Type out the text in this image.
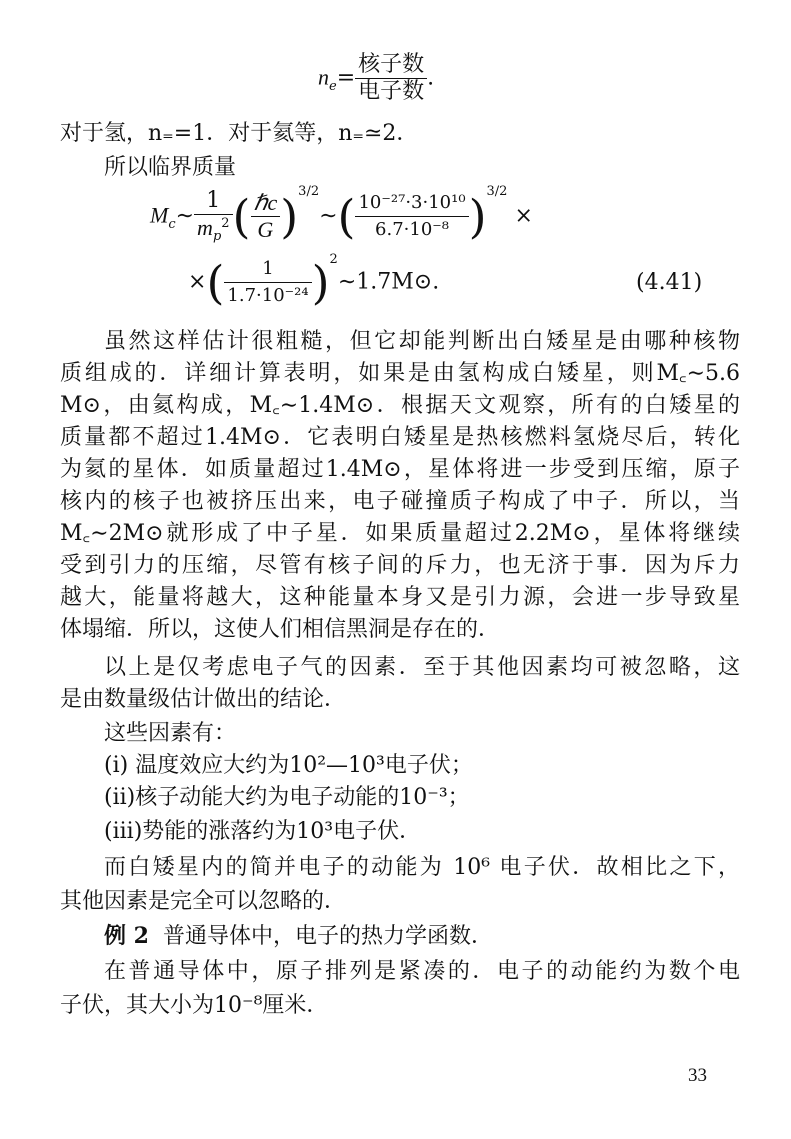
$n_e= \frac{\text{核子数}}{\text{电子数}}$ .
对于氢，n₌=1．对于氦等，n₌≃2．
所以临界质量
$M_c\sim \frac{1}{m_p^2}$ ( $\frac{\text{ℏc}}{G}$ )$^{3/2}$∼( $\frac{\text{10⁻²⁷·3·10¹⁰}}{\text{6.7·10⁻⁸}} )^{3/2}$ ×
×( $\frac{1}{\text{1.7·10⁻²⁴}}$ )$^2$∼1.7M⊙.	(4.41)
虽然这样估计很粗糙，但它却能判断出白矮星是由哪种核物
质组成的．详细计算表明，如果是由氢构成白矮星，则M꜀∼5.6
M⊙，由氦构成，M꜀∼1.4M⊙．根据天文观察，所有的白矮星的
质量都不超过1.4M⊙．它表明白矮星是热核燃料氢烧尽后，转化
为氦的星体．如质量超过1.4M⊙，星体将进一步受到压缩，原子
核内的核子也被挤压出来，电子碰撞质子构成了中子．所以，当
M꜀∼2M⊙就形成了中子星．如果质量超过2.2M⊙，星体将继续
受到引力的压缩，尽管有核子间的斥力，也无济于事．因为斥力
越大，能量将越大，这种能量本身又是引力源，会进一步导致星
体塌缩．所以，这使人们相信黑洞是存在的．
以上是仅考虑电子气的因素．至于其他因素均可被忽略，这
是由数量级估计做出的结论．
这些因素有：
(i) 温度效应大约为10²—10³电子伏；
(ii)核子动能大约为电子动能的10⁻³；
(iii)势能的涨落约为10³电子伏．
而白矮星内的简并电子的动能为 10⁶ 电子伏．故相比之下，
其他因素是完全可以忽略的．
例 2 普通导体中，电子的热力学函数．
在普通导体中，原子排列是紧凑的．电子的动能约为数个电
子伏，其大小为10⁻⁸厘米．
33
